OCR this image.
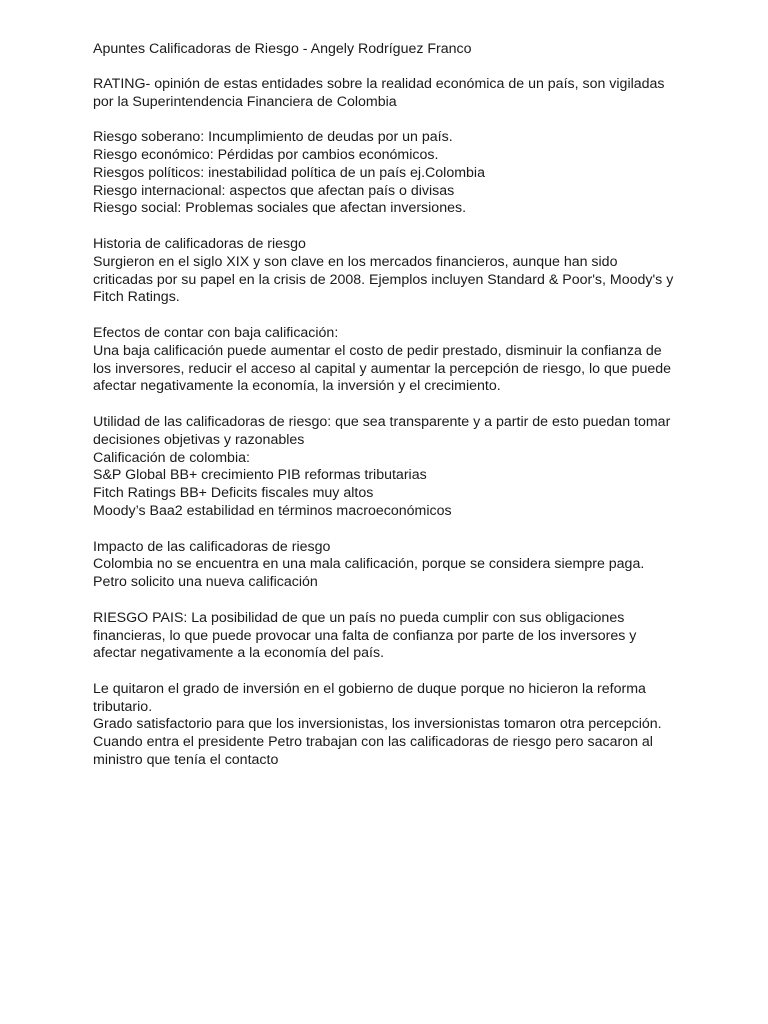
Apuntes Calificadoras de Riesgo - Angely Rodríguez Franco
RATING- opinión de estas entidades sobre la realidad económica de un país, son vigiladas
por la Superintendencia Financiera de Colombia
Riesgo soberano: Incumplimiento de deudas por un país.
Riesgo económico: Pérdidas por cambios económicos.
Riesgos políticos: inestabilidad política de un país ej.Colombia
Riesgo internacional: aspectos que afectan país o divisas
Riesgo social: Problemas sociales que afectan inversiones.
Historia de calificadoras de riesgo
Surgieron en el siglo XIX y son clave en los mercados financieros, aunque han sido
criticadas por su papel en la crisis de 2008. Ejemplos incluyen Standard & Poor's, Moody's y
Fitch Ratings.
Efectos de contar con baja calificación:
Una baja calificación puede aumentar el costo de pedir prestado, disminuir la confianza de
los inversores, reducir el acceso al capital y aumentar la percepción de riesgo, lo que puede
afectar negativamente la economía, la inversión y el crecimiento.
Utilidad de las calificadoras de riesgo: que sea transparente y a partir de esto puedan tomar
decisiones objetivas y razonables
Calificación de colombia:
S&P Global BB+ crecimiento PIB reformas tributarias
Fitch Ratings BB+ Deficits fiscales muy altos
Moody’s Baa2 estabilidad en términos macroeconómicos
Impacto de las calificadoras de riesgo
Colombia no se encuentra en una mala calificación, porque se considera siempre paga.
Petro solicito una nueva calificación
RIESGO PAIS: La posibilidad de que un país no pueda cumplir con sus obligaciones
financieras, lo que puede provocar una falta de confianza por parte de los inversores y
afectar negativamente a la economía del país.
Le quitaron el grado de inversión en el gobierno de duque porque no hicieron la reforma
tributario.
Grado satisfactorio para que los inversionistas, los inversionistas tomaron otra percepción.
Cuando entra el presidente Petro trabajan con las calificadoras de riesgo pero sacaron al
ministro que tenía el contacto
